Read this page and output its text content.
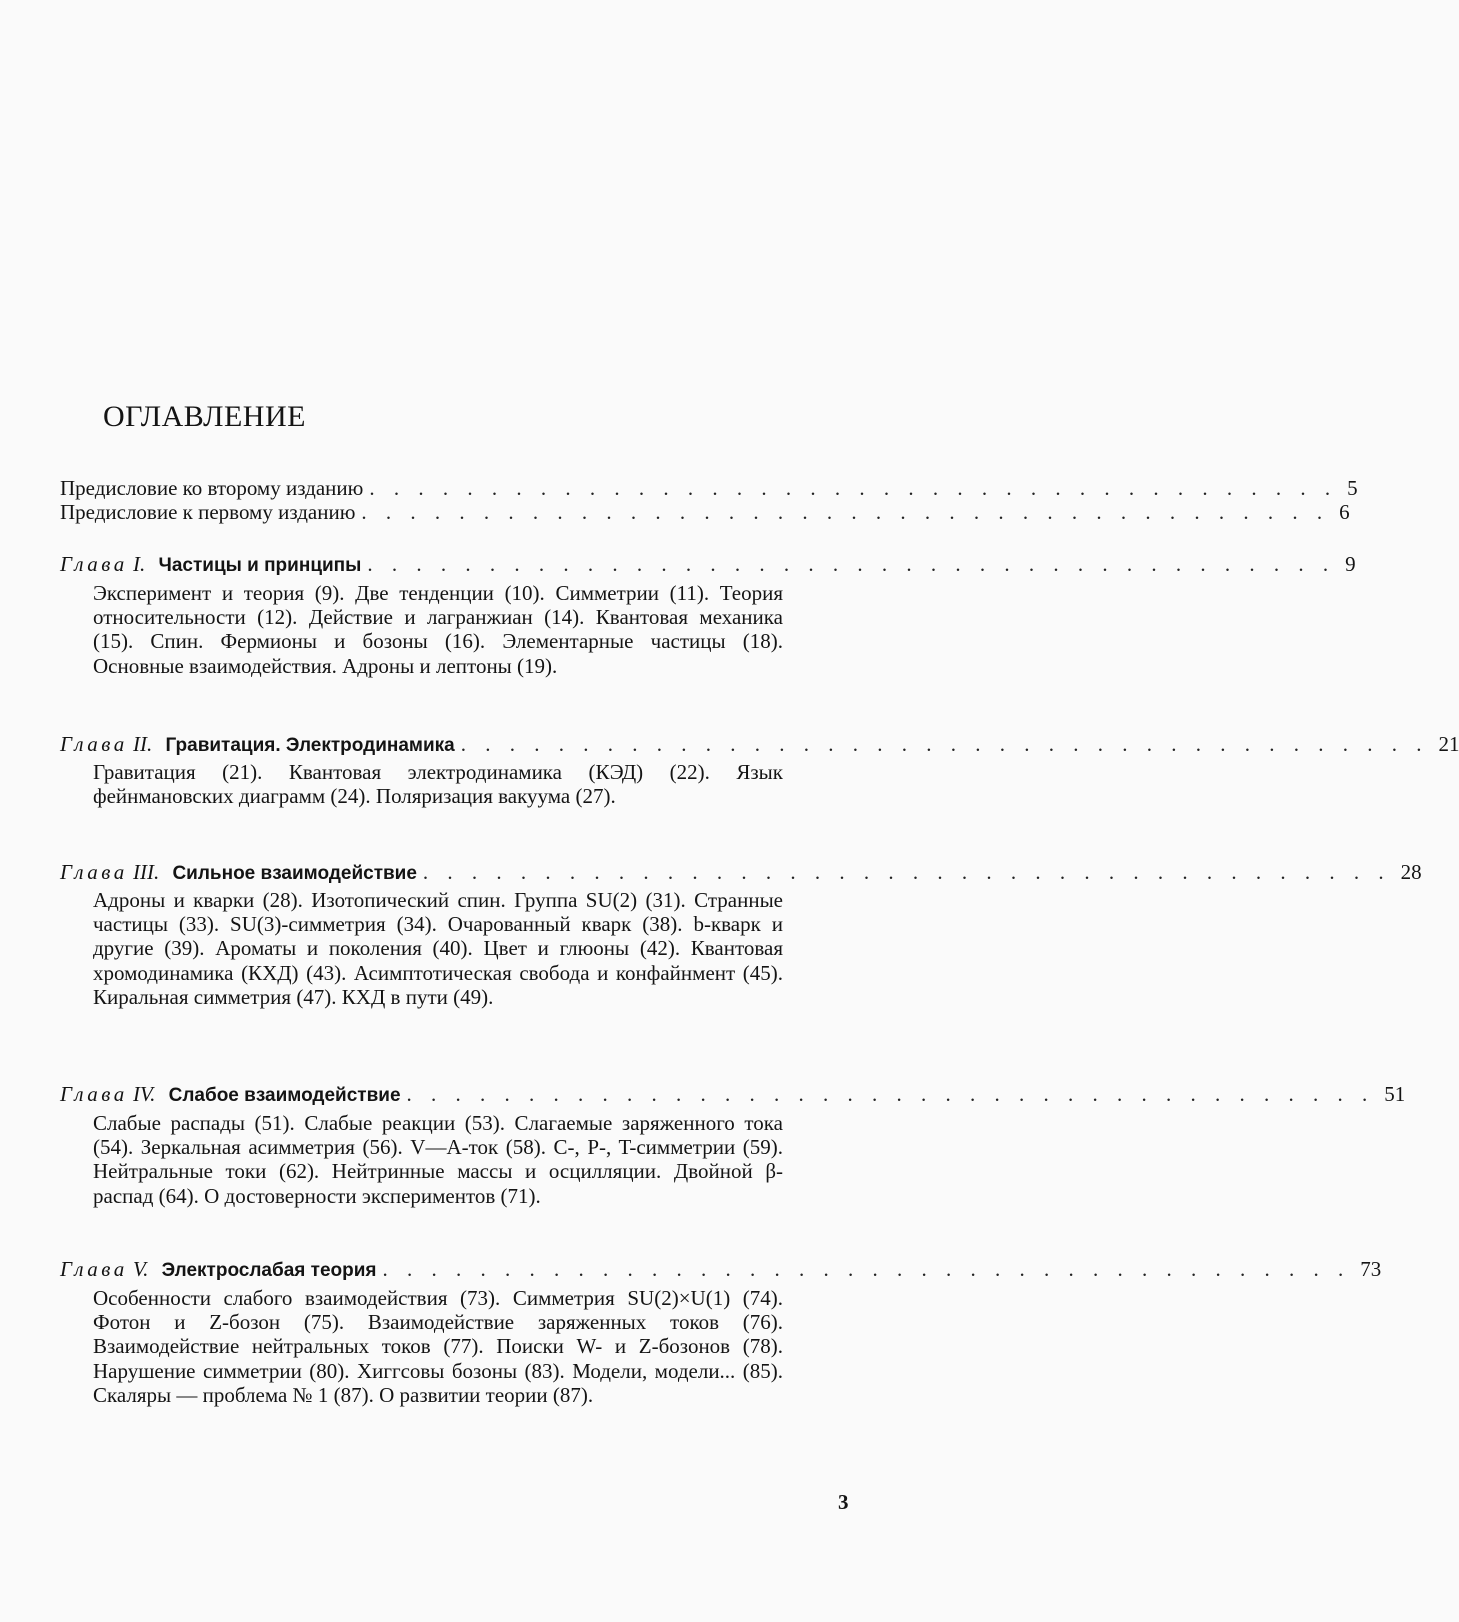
ОГЛАВЛЕНИЕ
Предисловие ко второму изданию . . . . . . . . . . . . . . . . . . . . . . . . . . . . . . . . . . . . . . . . 5
Предисловие к первому изданию . . . . . . . . . . . . . . . . . . . . . . . . . . . . . . . . . . . . . . . . 6
Глава I. Частицы и принципы . . . . . . . . . . . . . . . . . . . . . . . . . . . . . . . . . . . . . . . . 9
Эксперимент и теория (9). Две тенденции (10). Симметрии (11). Теория относительности (12). Действие и лагранжиан (14). Квантовая механика (15). Спин. Фермионы и бозоны (16). Элементарные частицы (18). Основные взаимодействия. Адроны и лептоны (19).
Глава II. Гравитация. Электродинамика . . . . . . . . . . . . . . . . . . . . . . . . . . . . . . . . . . . . . . . . 21
Гравитация (21). Квантовая электродинамика (КЭД) (22). Язык фейнмановских диаграмм (24). Поляризация вакуума (27).
Глава III. Сильное взаимодействие . . . . . . . . . . . . . . . . . . . . . . . . . . . . . . . . . . . . . . . . 28
Адроны и кварки (28). Изотопический спин. Группа SU(2) (31). Странные частицы (33). SU(3)-симметрия (34). Очарованный кварк (38). b-кварк и другие (39). Ароматы и поколения (40). Цвет и глюоны (42). Квантовая хромодинамика (КХД) (43). Асимптотическая свобода и конфайнмент (45). Киральная симметрия (47). КХД в пути (49).
Глава IV. Слабое взаимодействие . . . . . . . . . . . . . . . . . . . . . . . . . . . . . . . . . . . . . . . . 51
Слабые распады (51). Слабые реакции (53). Слагаемые заряженного тока (54). Зеркальная асимметрия (56). V—A-ток (58). C-, P-, T-симметрии (59). Нейтральные токи (62). Нейтринные массы и осцилляции. Двойной β-распад (64). О достоверности экспериментов (71).
Глава V. Электрослабая теория . . . . . . . . . . . . . . . . . . . . . . . . . . . . . . . . . . . . . . . . 73
Особенности слабого взаимодействия (73). Симметрия SU(2)×U(1) (74). Фотон и Z-бозон (75). Взаимодействие заряженных токов (76). Взаимодействие нейтральных токов (77). Поиски W- и Z-бозонов (78). Нарушение симметрии (80). Хиггсовы бозоны (83). Модели, модели... (85). Скаляры — проблема № 1 (87). О развитии теории (87).
3
